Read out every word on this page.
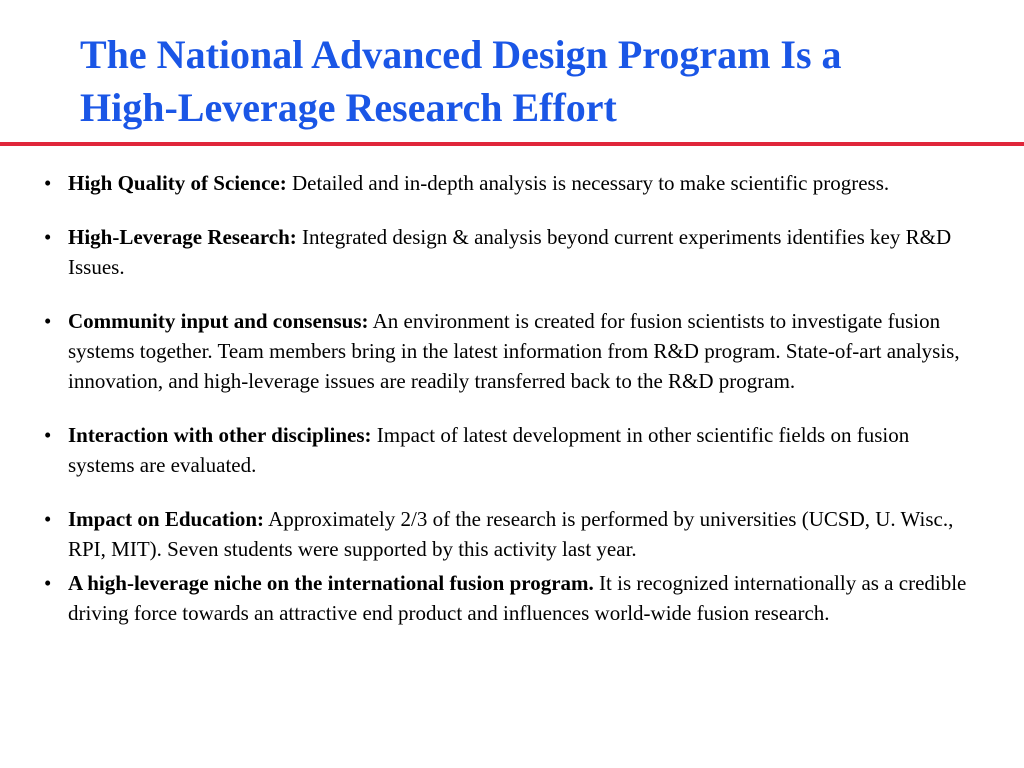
The National Advanced Design Program Is a
High-Leverage Research Effort
• High Quality of Science: Detailed and in-depth analysis is necessary to make scientific progress.
• High-Leverage Research: Integrated design & analysis beyond current experiments identifies key R&D Issues.
• Community input and consensus: An environment is created for fusion scientists to investigate fusion systems together. Team members bring in the latest information from R&D program. State-of-art analysis, innovation, and high-leverage issues are readily transferred back to the R&D program.
• Interaction with other disciplines: Impact of latest development in other scientific fields on fusion systems are evaluated.
• Impact on Education: Approximately 2/3 of the research is performed by universities (UCSD, U. Wisc., RPI, MIT). Seven students were supported by this activity last year.
• A high-leverage niche on the international fusion program. It is recognized internationally as a credible driving force towards an attractive end product and influences world-wide fusion research.
